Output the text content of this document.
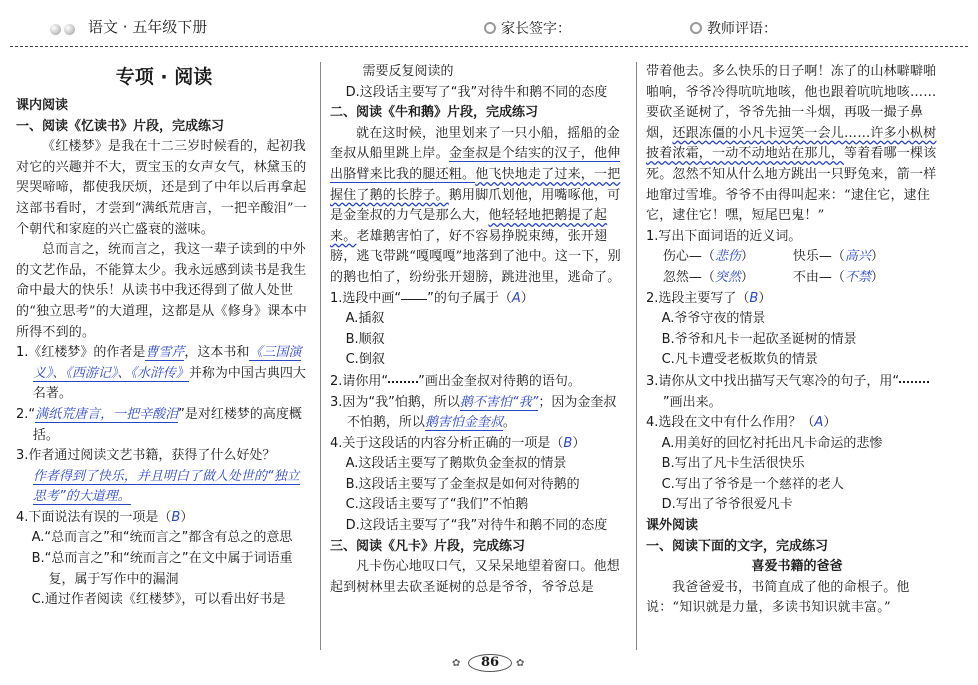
语文 · 五年级下册	家长签字：	教师评语：

专项 · 阅读

课内阅读

一、阅读《忆读书》片段，完成练习

《红楼梦》是我在十二三岁时候看的，起初我对它的兴趣并不大，贾宝玉的女声女气，林黛玉的哭哭啼啼，都使我厌烦，还是到了中年以后再拿起这部书看时，才尝到“满纸荒唐言，一把辛酸泪”一个朝代和家庭的兴亡盛衰的滋味。

总而言之，统而言之，我这一辈子读到的中外的文艺作品，不能算太少。我永远感到读书是我生命中最大的快乐！从读书中我还得到了做人处世的“独立思考”的大道理，这都是从《修身》课本中所得不到的。

1.《红楼梦》的作者是曹雪芹，这本书和《三国演义》、《西游记》、《水浒传》并称为中国古典四大名著。

2.“满纸荒唐言，一把辛酸泪”是对红楼梦的高度概括。

3.作者通过阅读文艺书籍，获得了什么好处？

作者得到了快乐，并且明白了做人处世的“独立思考”的大道理。

4.下面说法有误的一项是（B）

A.“总而言之”和“统而言之”都含有总之的意思

B.“总而言之”和“统而言之”在文中属于词语重复，属于写作中的漏洞

C.通过作者阅读《红楼梦》，可以看出好书是

需要反复阅读的

D.这段话主要写了“我”对待牛和鹅不同的态度

二、阅读《牛和鹅》片段，完成练习

就在这时候，池里划来了一只小船，摇船的金奎叔从船里跳上岸。金奎叔是个结实的汉子，他伸出胳臂来比我的腿还粗。他飞快地走了过来，一把握住了鹅的长脖子。鹅用脚爪划他，用嘴啄他，可是金奎叔的力气是那么大，他轻轻地把鹅提了起来。老雄鹅害怕了，好不容易挣脱束缚，张开翅膀，逃飞带跳“嘎嘎嘎”地落到了池中。这一下，别的鹅也怕了，纷纷张开翅膀，跳进池里，逃命了。

1.选段中画“ ”的句子属于（A）

A.插叙

B.顺叙

C.倒叙

2.请你用“ ”画出金奎叔对待鹅的语句。

3.因为“我”怕鹅，所以鹅不害怕“我”；因为金奎叔不怕鹅，所以鹅害怕金奎叔。

4.关于这段话的内容分析正确的一项是（B）

A.这段话主要写了鹅欺负金奎叔的情景

B.这段话主要写了金奎叔是如何对待鹅的

C.这段话主要写了“我们”不怕鹅

D.这段话主要写了“我”对待牛和鹅不同的态度

三、阅读《凡卡》片段，完成练习

凡卡伤心地叹口气，又呆呆地望着窗口。他想起到树林里去砍圣诞树的总是爷爷，爷爷总是

带着他去。多么快乐的日子啊！冻了的山林噼噼啪啪响，爷爷冷得吭吭地咳，他也跟着吭吭地咳……要砍圣诞树了，爷爷先抽一斗烟，再吸一撮子鼻烟，还跟冻僵的小凡卡逗笑一会儿……许多小枞树披着浓霜，一动不动地站在那儿，等着看哪一棵该死。忽然不知从什么地方跳出一只野兔来，箭一样地窜过雪堆。爷爷不由得叫起来：“逮住它，逮住它，逮住它！嘿，短尾巴鬼！”

1.写出下面词语的近义词。

伤心—（悲伤）	快乐—（高兴）

忽然—（突然）	不由—（不禁）

2.选段主要写了（B）

A.爷爷守夜的情景

B.爷爷和凡卡一起砍圣诞树的情景

C.凡卡遭受老板欺负的情景

3.请你从文中找出描写天气寒冷的句子，用“”画出来。

4.选段在文中有什么作用？（A）

A.用美好的回忆衬托出凡卡命运的悲惨

B.写出了凡卡生活很快乐

C.写出了爷爷是一个慈祥的老人

D.写出了爷爷很爱凡卡

课外阅读

一、阅读下面的文字，完成练习

喜爱书籍的爸爸

我爸爸爱书，书简直成了他的命根子。他说：“知识就是力量，多读书知识就丰富。”

✿	86	✿
